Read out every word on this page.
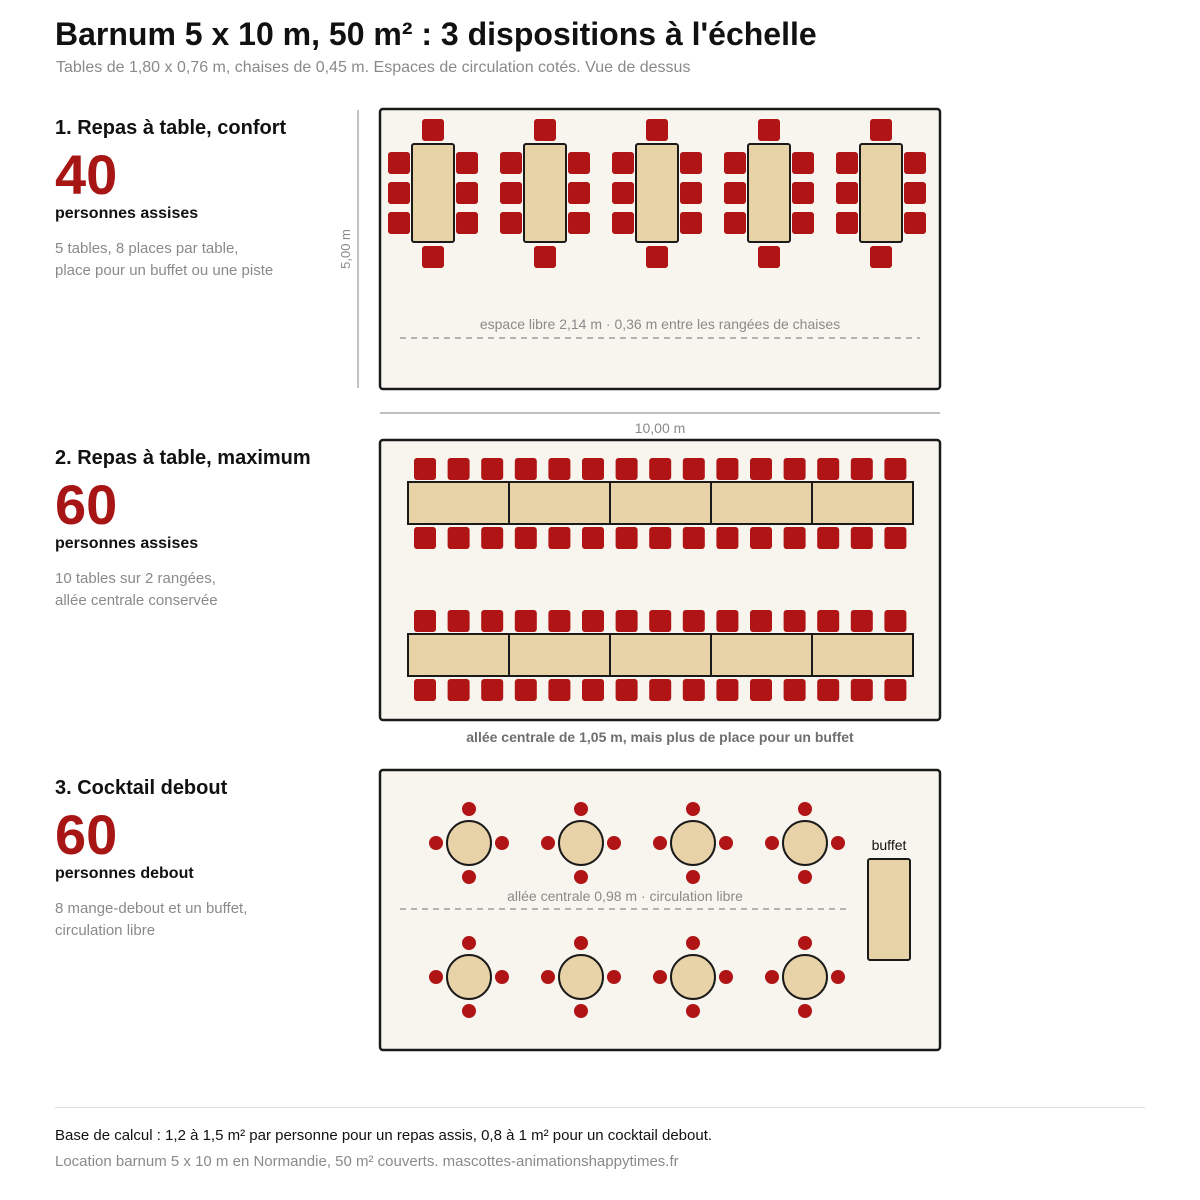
Barnum 5 x 10 m, 50 m² : 3 dispositions à l'échelle
Tables de 1,80 x 0,76 m, chaises de 0,45 m. Espaces de circulation cotés. Vue de dessus
1. Repas à table, confort
40
personnes assises
5 tables, 8 places par table,
place pour un buffet ou une piste
2. Repas à table, maximum
60
personnes assises
10 tables sur 2 rangées,
allée centrale conservée
3. Cocktail debout
60
personnes debout
8 mange-debout et un buffet,
circulation libre
5,00 m
10,00 m
espace libre 2,14 m · 0,36 m entre les rangées de chaises
allée centrale de 1,05 m, mais plus de place pour un buffet
allée centrale 0,98 m · circulation libre
buffet
Base de calcul : 1,2 à 1,5 m² par personne pour un repas assis, 0,8 à 1 m² pour un cocktail debout.
Location barnum 5 x 10 m en Normandie, 50 m² couverts. mascottes-animationshappytimes.fr
